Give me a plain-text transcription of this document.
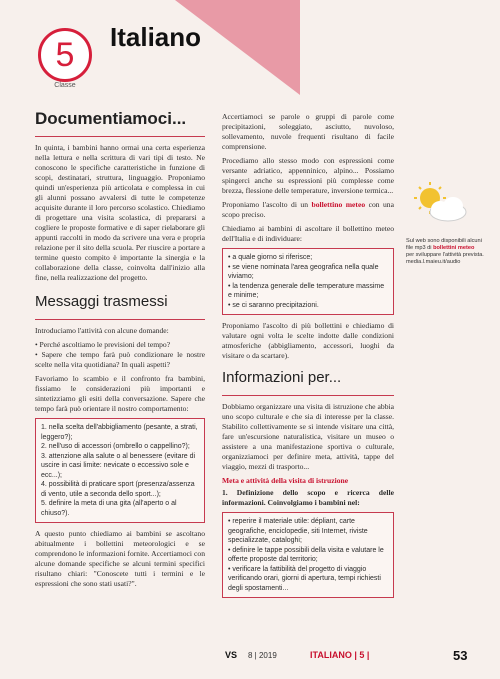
5
Classe
Italiano
Documentiamoci...

In quinta, i bambini hanno ormai una certa esperienza nella lettura e nella scrittura di vari tipi di testo. Ne conoscono le specifiche caratteristiche in funzione di scopi, destinatari, struttura, linguaggio. Proponiamo quindi un'esperienza più articolata e complessa in cui gli alunni possano avvalersi di tutte le competenze acquisite durante il loro percorso scolastico. Chiediamo di progettare una visita scolastica, di prepararsi a cogliere le proposte formative e di saper rielaborare gli appunti raccolti in modo da scrivere una vera e propria relazione per il sito della scuola. Per riuscire a portare a termine questo compito è importante la sinergia e la collaborazione della classe, coinvolta dall'inizio alla fine, nella realizzazione del progetto.

Messaggi trasmessi

Introduciamo l'attività con alcune domande:

• Perché ascoltiamo le previsioni del tempo?

• Sapere che tempo farà può condizionare le nostre scelte nella vita quotidiana? In quali aspetti?

Favoriamo lo scambio e il confronto fra bambini, fissiamo le considerazioni più importanti e sintetizziamo gli esiti della conversazione. Sapere che tempo farà può orientare il nostro comportamento:

1. nella scelta dell'abbigliamento (pesante, a strati, leggero?);
2. nell'uso di accessori (ombrello o cappellino?);
3. attenzione alla salute o al benessere (evitare di uscire in casi limite: nevicate o eccessivo sole e ecc...);
4. possibilità di praticare sport (presenza/assenza di vento, utile a seconda dello sport...);
5. definire la meta di una gita (all'aperto o al chiuso?).

A questo punto chiediamo ai bambini se ascoltano abitualmente i bollettini meteorologici e se comprendono le informazioni fornite. Accertiamoci con alcune domande specifiche se alcuni termini specifici risultano chiari: "Conoscete tutti i termini e le espressioni che sono stati usati?".

Accertiamoci se parole o gruppi di parole come precipitazioni, soleggiato, asciutto, nuvoloso, sollevamento, nuvole frequenti risultano di facile comprensione.

Procediamo allo stesso modo con espressioni come versante adriatico, appenninico, alpino... Possiamo spingerci anche su espressioni più complesse come brezza, flessione delle temperature, inversione termica...

Proponiamo l'ascolto di un bollettino meteo con una scopo preciso.

Chiediamo ai bambini di ascoltare il bollettino meteo dell'Italia e di individuare:

• a quale giorno si riferisce;
• se viene nominata l'area geografica nella quale viviamo;
• la tendenza generale delle temperature massime e minime;
• se ci saranno precipitazioni.

Proponiamo l'ascolto di più bollettini e chiediamo di valutare ogni volta le scelte indotte dalle condizioni atmosferiche (abbigliamento, accessori, luoghi da visitare o da scartare).

Informazioni per...

Dobbiamo organizzare una visita di istruzione che abbia uno scopo culturale e che sia di interesse per la classe. Stabilito collettivamente se si intende visitare una città, fare un'escursione naturalistica, visitare un museo o assistere a una manifestazione sportiva o culturale, organizziamoci per definire meta, attività, tappe del viaggio, mezzi di trasporto...

Meta e attività della visita di istruzione

1. Definizione dello scopo e ricerca delle informazioni. Coinvolgiamo i bambini nel:

• reperire il materiale utile: dépliant, carte geografiche, enciclopedie, siti Internet, riviste specializzate, cataloghi;
• definire le tappe possibili della visita e valutare le offerte proposte dal territorio;
• verificare la fattibilità del progetto di viaggio verificando orari, giorni di apertura, tempi richiesti degli spostamenti...
Sul web sono disponibili alcuni file mp3 di bollettini meteo per sviluppare l'attività prevista. media.l.maieu.it/audio
VS 8 | 2019	ITALIANO | 5 |	53
